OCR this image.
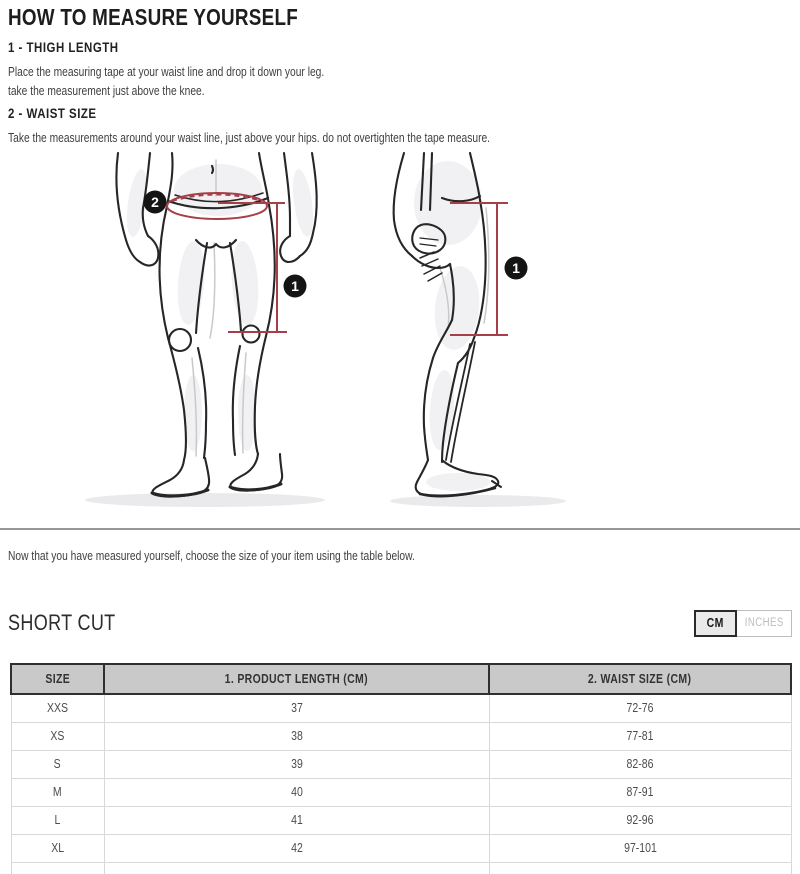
HOW TO MEASURE YOURSELF
1 - THIGH LENGTH

Place the measuring tape at your waist line and drop it down your leg.
take the measurement just above the knee.

2 - WAIST SIZE

Take the measurements around your waist line, just above your hips. do not overtighten the tape measure.

2
1
1

Now that you have measured yourself, choose the size of your item using the table below.

SHORT CUT	CM INCHES
SIZE	1. PRODUCT LENGTH (CM)	2. WAIST SIZE (CM)
XXS	37	72-76
XS	38	77-81
S	39	82-86
M	40	87-91
L	41	92-96
XL	42	97-101
